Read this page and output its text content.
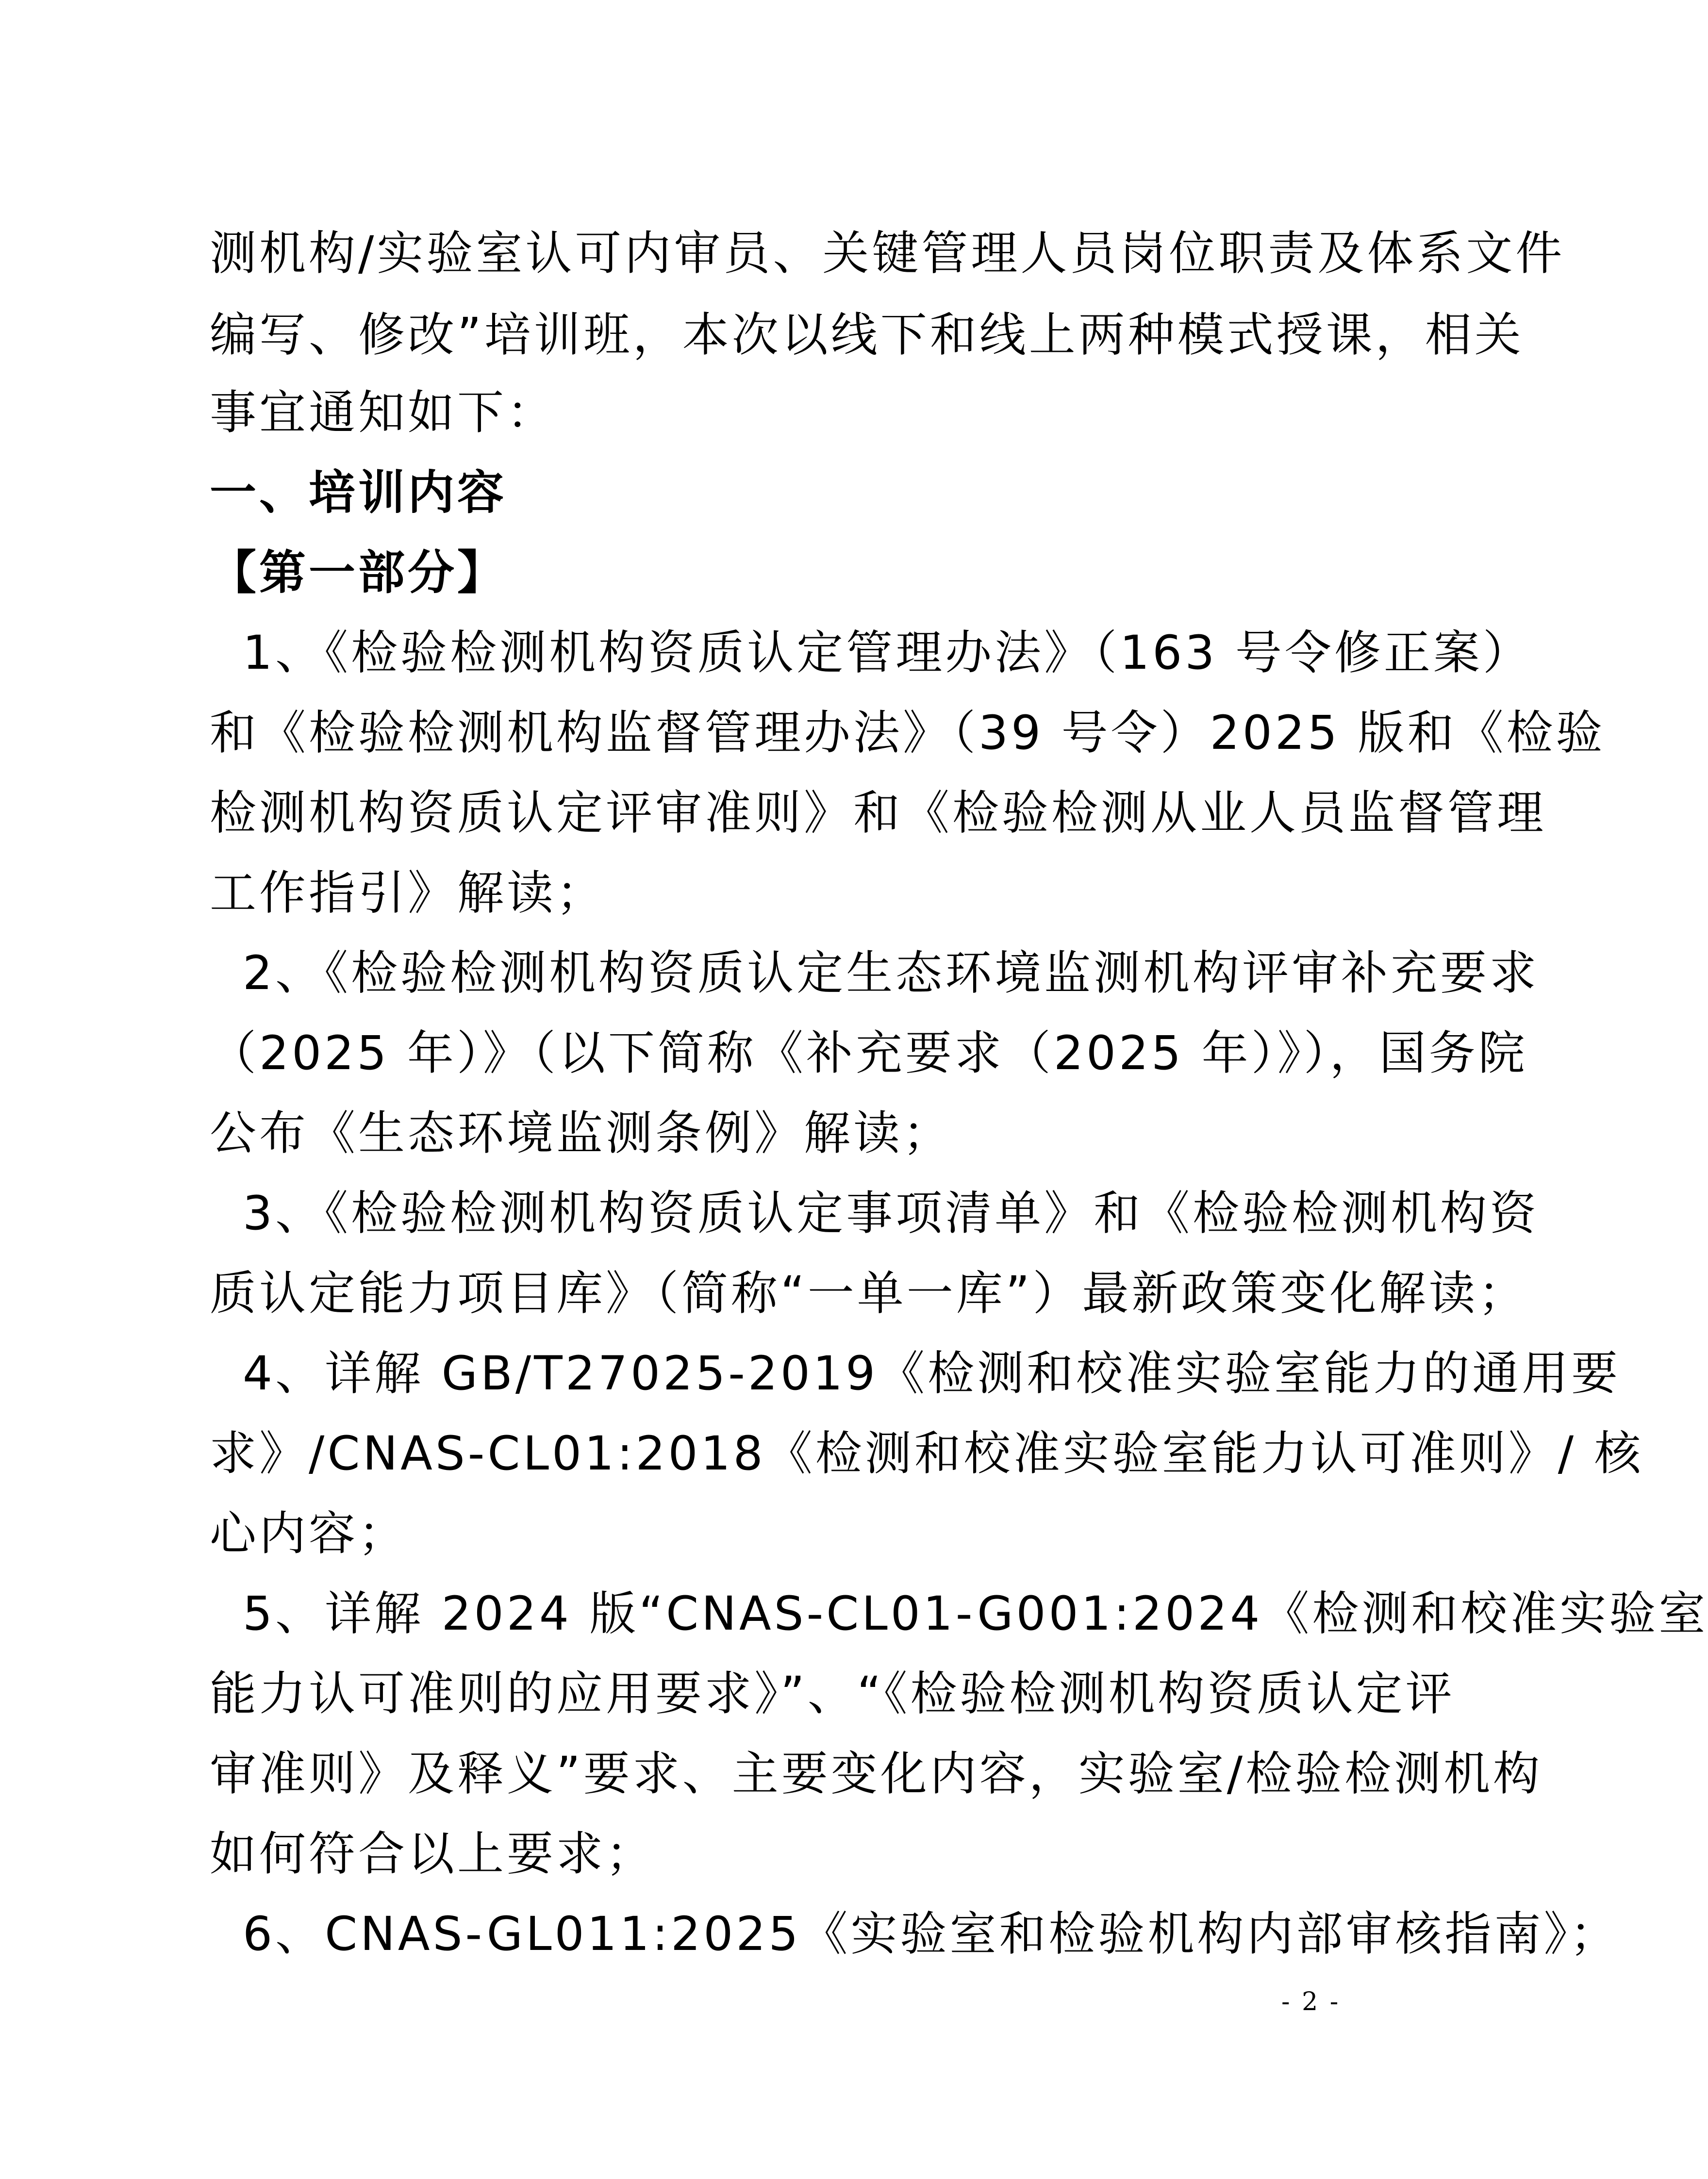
测机构/实验室认可内审员、关键管理人员岗位职责及体系文件
编写、修改”培训班，本次以线下和线上两种模式授课，相关
事宜通知如下：
一、培训内容
【第一部分】
1、《检验检测机构资质认定管理办法》（163 号令修正案）
和《检验检测机构监督管理办法》（39 号令）2025 版和《检验
检测机构资质认定评审准则》和《检验检测从业人员监督管理
工作指引》解读；
2、《检验检测机构资质认定生态环境监测机构评审补充要求
（2025 年）》（以下简称《补充要求（2025 年）》），国务院
公布《生态环境监测条例》解读；
3、《检验检测机构资质认定事项清单》和《检验检测机构资
质认定能力项目库》（简称“一单一库”）最新政策变化解读；
4、详解 GB/T27025-2019《检测和校准实验室能力的通用要
求》/CNAS-CL01:2018《检测和校准实验室能力认可准则》/ 核
心内容；
5、详解 2024 版“CNAS-CL01-G001:2024《检测和校准实验室
能力认可准则的应用要求》”、“《检验检测机构资质认定评
审准则》及释义”要求、主要变化内容，实验室/检验检测机构
如何符合以上要求；
6、CNAS-GL011:2025《实验室和检验机构内部审核指南》；
- 2 -
